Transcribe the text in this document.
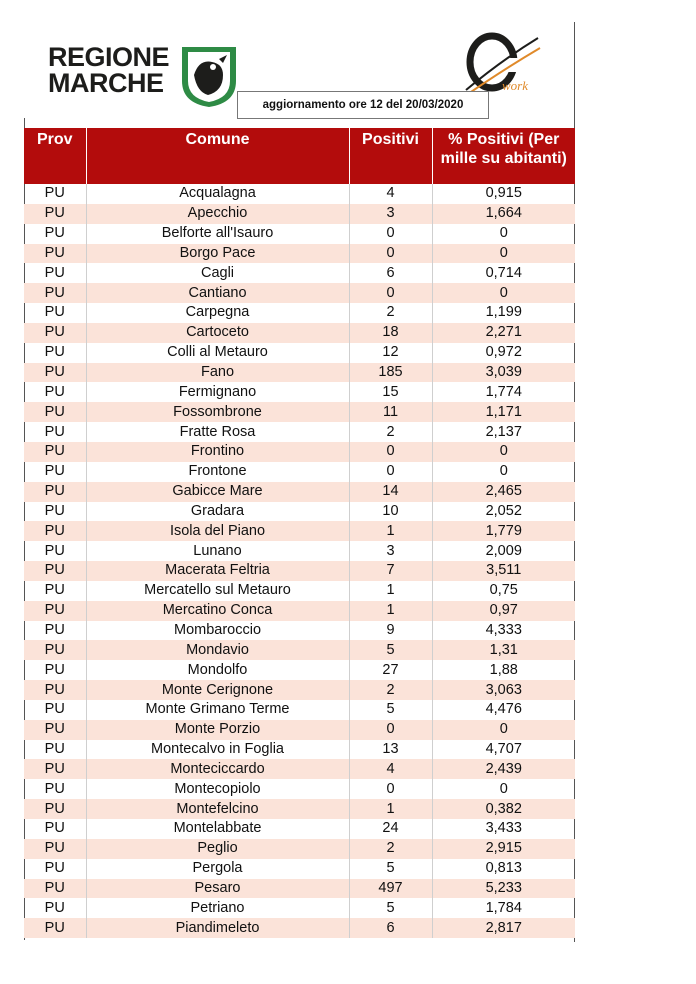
REGIONE
MARCHE	work
aggiornamento ore 12 del 20/03/2020
Prov	Comune	Positivi	% Positivi (Per mille su abitanti)
PU	Acqualagna	4	0,915
PU	Apecchio	3	1,664
PU	Belforte all'Isauro	0	0
PU	Borgo Pace	0	0
PU	Cagli	6	0,714
PU	Cantiano	0	0
PU	Carpegna	2	1,199
PU	Cartoceto	18	2,271
PU	Colli al Metauro	12	0,972
PU	Fano	185	3,039
PU	Fermignano	15	1,774
PU	Fossombrone	11	1,171
PU	Fratte Rosa	2	2,137
PU	Frontino	0	0
PU	Frontone	0	0
PU	Gabicce Mare	14	2,465
PU	Gradara	10	2,052
PU	Isola del Piano	1	1,779
PU	Lunano	3	2,009
PU	Macerata Feltria	7	3,511
PU	Mercatello sul Metauro	1	0,75
PU	Mercatino Conca	1	0,97
PU	Mombaroccio	9	4,333
PU	Mondavio	5	1,31
PU	Mondolfo	27	1,88
PU	Monte Cerignone	2	3,063
PU	Monte Grimano Terme	5	4,476
PU	Monte Porzio	0	0
PU	Montecalvo in Foglia	13	4,707
PU	Monteciccardo	4	2,439
PU	Montecopiolo	0	0
PU	Montefelcino	1	0,382
PU	Montelabbate	24	3,433
PU	Peglio	2	2,915
PU	Pergola	5	0,813
PU	Pesaro	497	5,233
PU	Petriano	5	1,784
PU	Piandimeleto	6	2,817
